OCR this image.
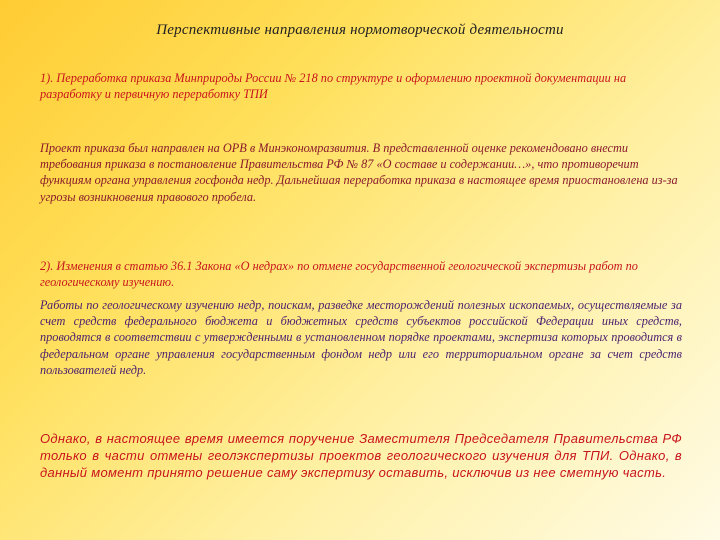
Перспективные направления нормотворческой деятельности

1). Переработка приказа Минприроды России № 218 по структуре и оформлению проектной документации на разработку и первичную переработку ТПИ

Проект приказа был направлен на ОРВ в Минэкономразвития. В представленной оценке рекомендовано внести требования приказа в постановление Правительства РФ № 87 «О составе и содержании…», что противоречит функциям органа управления госфонда недр. Дальнейшая переработка приказа в настоящее время приостановлена из-за угрозы возникновения правового пробела.

2). Изменения в статью 36.1 Закона «О недрах» по отмене государственной геологической экспертизы работ по геологическому изучению.

Работы по геологическому изучению недр, поискам, разведке месторождений полезных ископаемых, осуществляемые за счет средств федерального бюджета и бюджетных средств субъектов российской Федерации иных средств, проводятся в соответствии с утвержденными в установленном порядке проектами, экспертиза которых проводится в федеральном органе управления государственным фондом недр или его территориальном органе за счет средств пользователей недр.

Однако, в настоящее время имеется поручение Заместителя Председателя Правительства РФ только в части отмены геолэкспертизы проектов геологического изучения для ТПИ. Однако, в данный момент принято решение саму экспертизу оставить, исключив из нее сметную часть.
